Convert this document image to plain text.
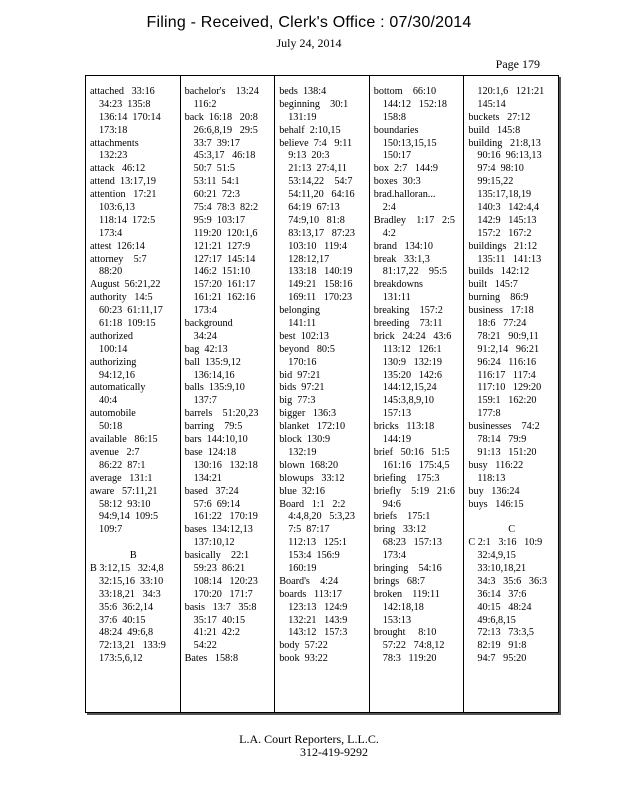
Filing - Received, Clerk's Office : 07/30/2014
July 24, 2014
Page 179
attached   33:16
34:23  135:8
136:14  170:14
173:18
attachments
132:23
attack   46:12
attend  13:17,19
attention   17:21
103:6,13
118:14  172:5
173:4
attest  126:14
attorney    5:7
88:20
August  56:21,22
authority   14:5
60:23  61:11,17
61:18  109:15
authorized
100:14
authorizing
94:12,16
automatically
40:4
automobile
50:18
available   86:15
avenue   2:7
86:22  87:1
average   131:1
aware   57:11,21
58:12  93:10
94:9,14  109:5
109:7
B
B 3:12,15   32:4,8
32:15,16  33:10
33:18,21   34:3
35:6  36:2,14
37:6  40:15
48:24  49:6,8
72:13,21   133:9
173:5,6,12
bachelor's    13:24
116:2
back  16:18   20:8
26:6,8,19   29:5
33:7  39:17
45:3,17   46:18
50:7  51:5
53:11  54:1
60:21  72:3
75:4  78:3  82:2
95:9  103:17
119:20  120:1,6
121:21  127:9
127:17  145:14
146:2  151:10
157:20  161:17
161:21  162:16
173:4
background
34:24
bag  42:13
ball  135:9,12
136:14,16
balls  135:9,10
137:7
barrels    51:20,23
barring    79:5
bars  144:10,10
base  124:18
130:16   132:18
134:21
based   37:24
57:6  69:14
161:22   170:19
bases  134:12,13
137:10,12
basically    22:1
59:23  86:21
108:14   120:23
170:20   171:7
basis   13:7   35:8
35:17  40:15
41:21  42:2
54:22
Bates   158:8
beds  138:4
beginning    30:1
131:19
behalf  2:10,15
believe  7:4   9:11
9:13  20:3
21:13  27:4,11
53:14,22    54:7
54:11,20   64:16
64:19  67:13
74:9,10   81:8
83:13,17   87:23
103:10   119:4
128:12,17
133:18   140:19
149:21   158:16
169:11   170:23
belonging
141:11
best  102:13
beyond   80:5
170:16
bid  97:21
bids  97:21
big  77:3
bigger   136:3
blanket   172:10
block  130:9
132:19
blown  168:20
blowups   33:12
blue  32:16
Board   1:1   2:2
4:4,8,20   5:3,23
7:5  87:17
112:13   125:1
153:4  156:9
160:19
Board's    4:24
boards   113:17
123:13   124:9
132:21   143:9
143:12   157:3
body  57:22
book  93:22
bottom    66:10
144:12   152:18
158:8
boundaries
150:13,15,15
150:17
box  2:7   144:9
boxes  30:3
brad.halloran...
2:4
Bradley    1:17   2:5
4:2
brand   134:10
break   33:1,3
81:17,22    95:5
breakdowns
131:11
breaking    157:2
breeding    73:11
brick   24:24   43:6
113:12   126:1
130:9   132:19
135:20   142:6
144:12,15,24
145:3,8,9,10
157:13
bricks   113:18
144:19
brief   50:16   51:5
161:16   175:4,5
briefing    175:3
briefly    5:19   21:6
94:6
briefs    175:1
bring   33:12
68:23   157:13
173:4
bringing    54:16
brings   68:7
broken    119:11
142:18,18
153:13
brought     8:10
57:22   74:8,12
78:3   119:20
120:1,6   121:21
145:14
buckets   27:12
build   145:8
building   21:8,13
90:16  96:13,13
97:4  98:10
99:15,22
135:17,18,19
140:3   142:4,4
142:9   145:13
157:2   167:2
buildings   21:12
135:11   141:13
builds   142:12
built   145:7
burning    86:9
business   17:18
18:6   77:24
78:21   90:9,11
91:2,14   96:21
96:24   116:16
116:17   117:4
117:10   129:20
159:1   162:20
177:8
businesses    74:2
78:14   79:9
91:13   151:20
busy   116:22
118:13
buy   136:24
buys   146:15
C
C 2:1   3:16   10:9
32:4,9,15
33:10,18,21
34:3   35:6   36:3
36:14   37:6
40:15   48:24
49:6,8,15
72:13   73:3,5
82:19   91:8
94:7   95:20
L.A. Court Reporters, L.L.C.
312-419-9292
